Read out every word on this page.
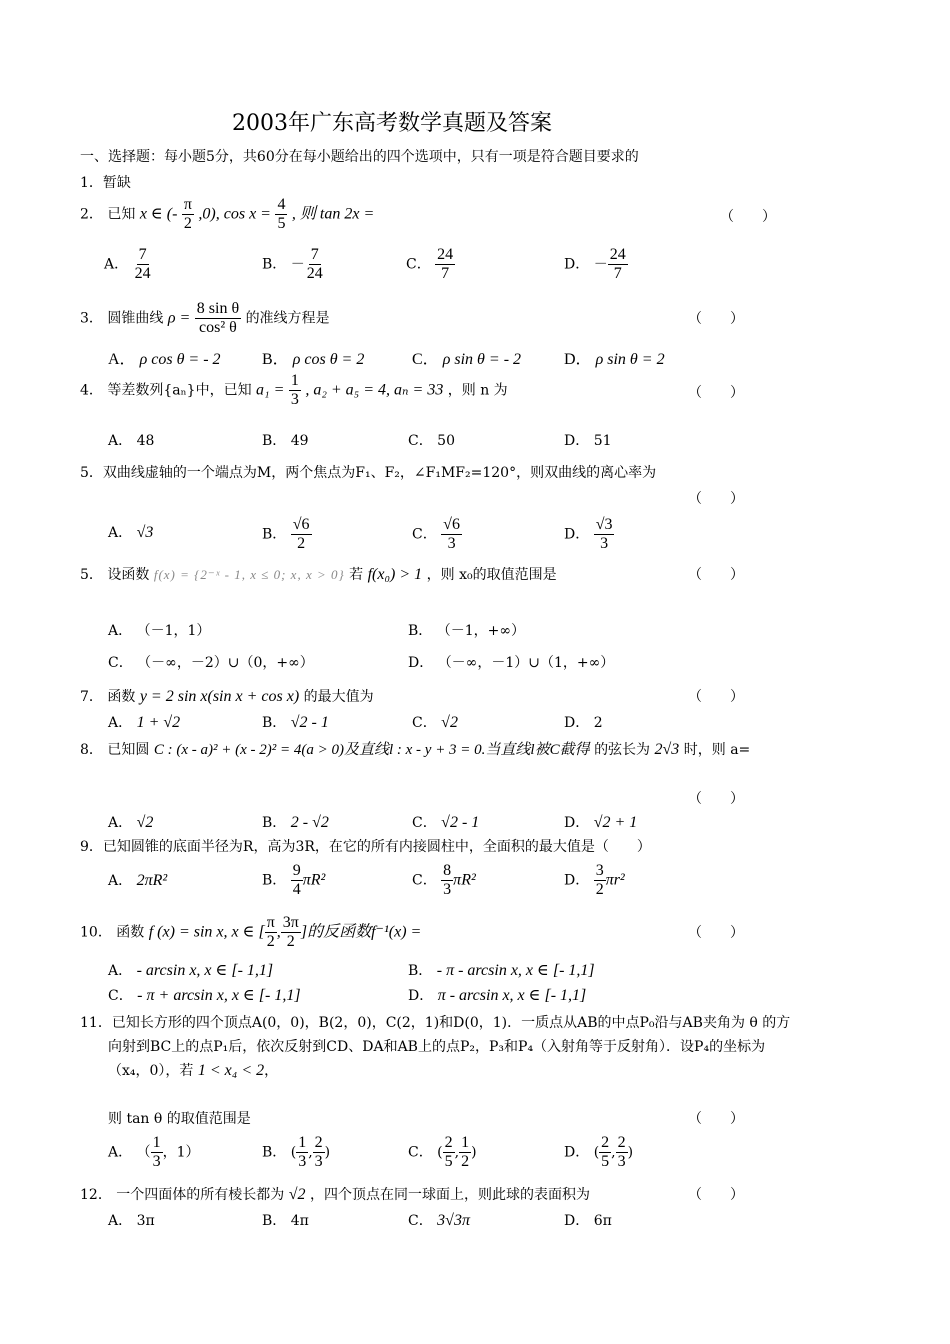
2003年广东高考数学真题及答案
一、选择题：每小题5分，共60分在每小题给出的四个选项中，只有一项是符合题目要求的
1．暂缺
2． 已知 x ∈ (- $\frac{\pi}{2} ,0$), $\cos x = \frac{4}{5}$ , 则 tan 2x =	（　　）
A． $\frac{7}{24}$	B． － $\frac{7}{24}$	C． $\frac{24}{7}$	D． － $\frac{24}{7}$
3． 圆锥曲线 $\rho = \frac{\text{8 sin θ}}{\text{cos² θ}}$ 的准线方程是	（　　）
A． ρ cos θ = - 2	B． ρ cos θ = 2	C． ρ sin θ = - 2	D． ρ sin θ = 2
4． 等差数列{aₙ}中，已知 $a_1 = \frac{1}{3}$ , a₂ + a₅ = 4, aₙ = 33 ，则 n 为	（　　）
A． 48	B． 49	C． 50	D． 51
5．双曲线虚轴的一个端点为M，两个焦点为F₁、F₂，∠F₁MF₂=120°，则双曲线的离心率为
（　　）
A． √3	B． $\frac{√6}{2}$	C． $\frac{√6}{3}$	D． $\frac{√3}{3}$
5． 设函数 f(x) = {2⁻ˣ - 1, x ≤ 0; x, x > 0} 若 f(x₀) > 1 ，则 x₀的取值范围是	（　　）
A． （－1，1）	B． （－1，+∞）
C． （－∞，－2）∪（0，+∞）	D． （－∞，－1）∪（1，+∞）
7． 函数 y = 2 sin x(sin x + cos x) 的最大值为	（　　）
A． 1 + √2	B． √2 - 1	C． √2	D． 2
8． 已知圆 C : (x - a)² + (x - 2)² = 4(a > 0)及直线l : x - y + 3 = 0.当直线l被C截得 的弦长为 2√3 时，则 a=
（　　）
A． √2	B． 2 - √2	C． √2 - 1	D． √2 + 1
9．已知圆锥的底面半径为R，高为3R，在它的所有内接圆柱中，全面积的最大值是（　　）
A． 2πR²	B． $\frac{9}{4} \pi R^2$	C． $\frac{8}{3} \pi R^2$	D． $\frac{3}{2} \pi r^2$
10． 函数 f (x) = sin x, x ∈ [ $\frac{\pi}{2}$ , $\frac{3\pi}{2}$ ]的反函数f⁻¹(x) =	（　　）
A． - arcsin x, x ∈ [- 1,1]	B． - π - arcsin x, x ∈ [- 1,1]
C． - π + arcsin x, x ∈ [- 1,1]	D． π - arcsin x, x ∈ [- 1,1]
11．已知长方形的四个顶点A(0，0)，B(2，0)，C(2，1)和D(0，1)．一质点从AB的中点P₀沿与AB夹角为 θ 的方
向射到BC上的点P₁后，依次反射到CD、DA和AB上的点P₂，P₃和P₄（入射角等于反射角）．设P₄的坐标为
（x₄，0），若 1 < x₄ < 2，
则 tan θ 的取值范围是	（　　）
A． （ $\frac{1}{3}$ ，1）	B． ( $\frac{1}{3}$ , $\frac{2}{3}$ )	C． ( $\frac{2}{5}$ , $\frac{1}{2}$ )	D． ( $\frac{2}{5}$ , $\frac{2}{3}$ )
12． 一个四面体的所有棱长都为 √2 ，四个顶点在同一球面上，则此球的表面积为	（　　）
A． 3π	B． 4π	C． 3√3π	D． 6π
